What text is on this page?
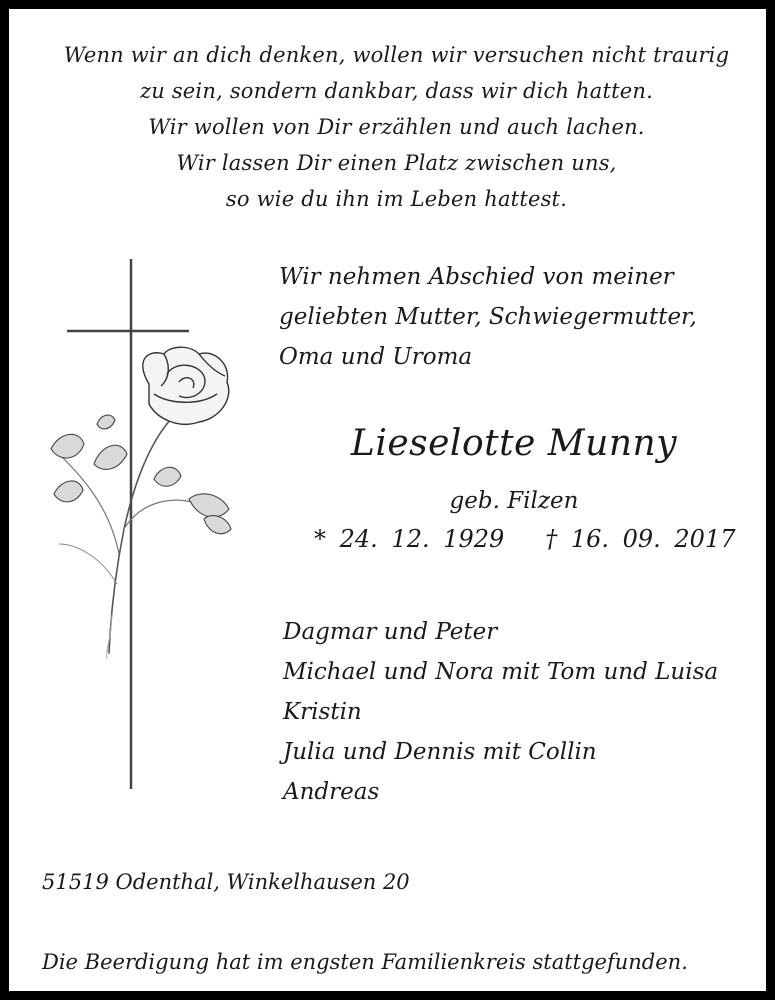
Wenn wir an dich denken, wollen wir versuchen nicht traurig
zu sein, sondern dankbar, dass wir dich hatten.
Wir wollen von Dir erzählen und auch lachen.
Wir lassen Dir einen Platz zwischen uns,
so wie du ihn im Leben hattest.
Wir nehmen Abschied von meiner
geliebten Mutter, Schwiegermutter,
Oma und Uroma
Lieselotte Munny
geb. Filzen
* 24. 12. 1929   † 16. 09. 2017
Dagmar und Peter
Michael und Nora mit Tom und Luisa
Kristin
Julia und Dennis mit Collin
Andreas
51519 Odenthal, Winkelhausen 20
Die Beerdigung hat im engsten Familienkreis stattgefunden.
